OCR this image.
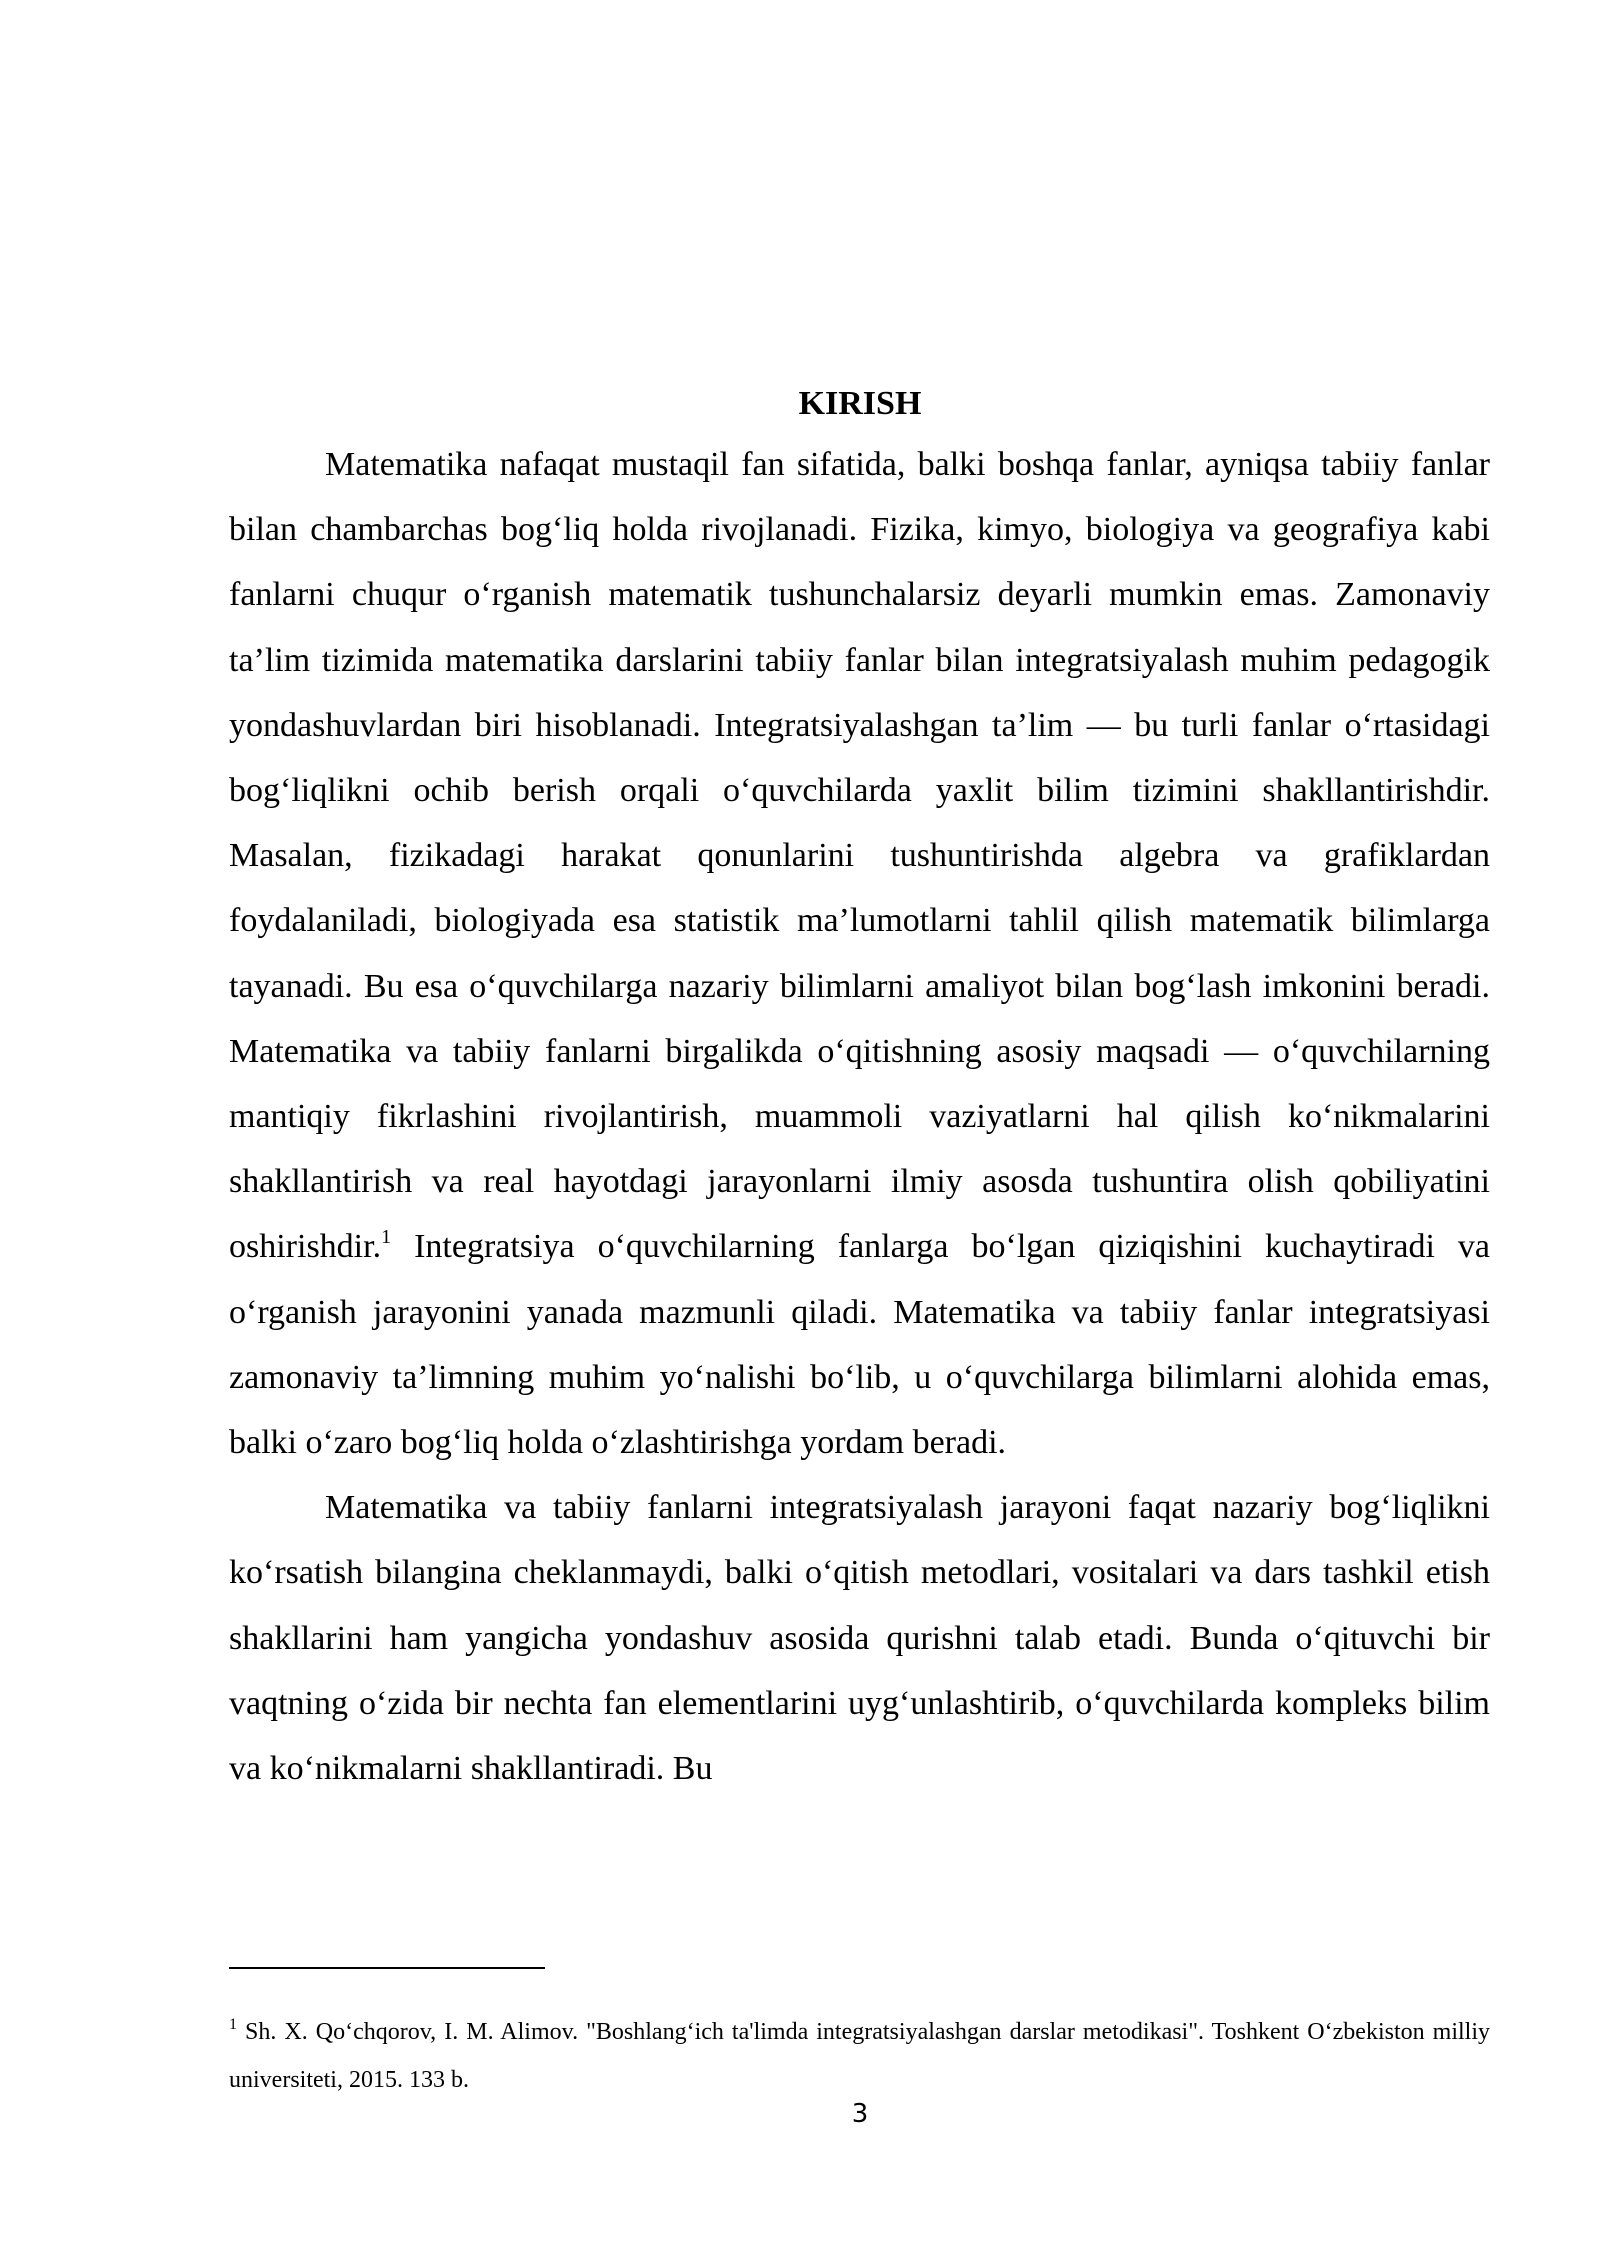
KIRISH

Matematika nafaqat mustaqil fan sifatida, balki boshqa fanlar, ayniqsa tabiiy fanlar bilan chambarchas bog‘liq holda rivojlanadi. Fizika, kimyo, biologiya va geografiya kabi fanlarni chuqur o‘rganish matematik tushunchalarsiz deyarli mumkin emas. Zamonaviy ta’lim tizimida matematika darslarini tabiiy fanlar bilan integratsiyalash muhim pedagogik yondashuvlardan biri hisoblanadi. Integratsiyalashgan ta’lim — bu turli fanlar o‘rtasidagi bog‘liqlikni ochib berish orqali o‘quvchilarda yaxlit bilim tizimini shakllantirishdir. Masalan, fizikadagi harakat qonunlarini tushuntirishda algebra va grafiklardan foydalaniladi, biologiyada esa statistik ma’lumotlarni tahlil qilish matematik bilimlarga tayanadi. Bu esa o‘quvchilarga nazariy bilimlarni amaliyot bilan bog‘lash imkonini beradi. Matematika va tabiiy fanlarni birgalikda o‘qitishning asosiy maqsadi — o‘quvchilarning mantiqiy fikrlashini rivojlantirish, muammoli vaziyatlarni hal qilish ko‘nikmalarini shakllantirish va real hayotdagi jarayonlarni ilmiy asosda tushuntira olish qobiliyatini oshirishdir.$^1$ Integratsiya o‘quvchilarning fanlarga bo‘lgan qiziqishini kuchaytiradi va o‘rganish jarayonini yanada mazmunli qiladi. Matematika va tabiiy fanlar integratsiyasi zamonaviy ta’limning muhim yo‘nalishi bo‘lib, u o‘quvchilarga bilimlarni alohida emas, balki o‘zaro bog‘liq holda o‘zlashtirishga yordam beradi.

Matematika va tabiiy fanlarni integratsiyalash jarayoni faqat nazariy bog‘liqlikni ko‘rsatish bilangina cheklanmaydi, balki o‘qitish metodlari, vositalari va dars tashkil etish shakllarini ham yangicha yondashuv asosida qurishni talab etadi. Bunda o‘qituvchi bir vaqtning o‘zida bir nechta fan elementlarini uyg‘unlashtirib, o‘quvchilarda kompleks bilim va ko‘nikmalarni shakllantiradi. Bu

$^1$ Sh. X. Qo‘chqorov, I. M. Alimov. "Boshlang‘ich ta'limda integratsiyalashgan darslar metodikasi". Toshkent O‘zbekiston milliy universiteti, 2015. 133 b.

3
